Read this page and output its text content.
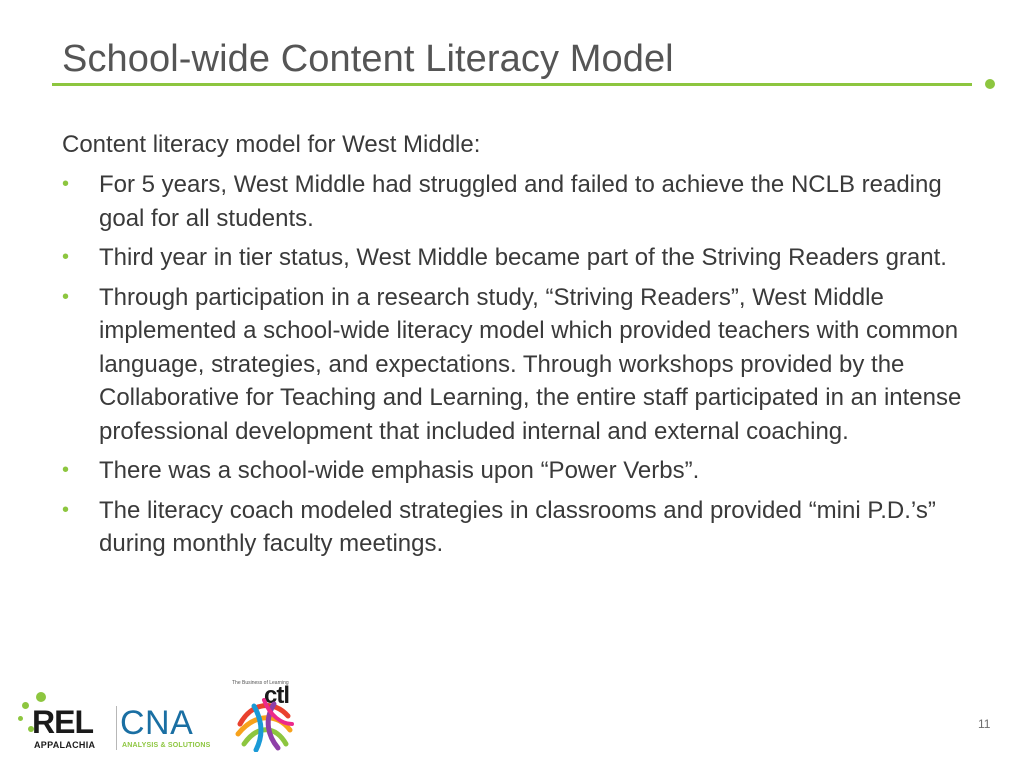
School-wide Content Literacy Model
Content literacy model for West Middle:
• For 5 years, West Middle had struggled and failed to achieve the NCLB reading goal for all students.
• Third year in tier status, West Middle became part of the Striving Readers grant.
• Through participation in a research study, “Striving Readers”, West Middle implemented a school-wide literacy model which provided teachers with common language, strategies, and expectations. Through workshops provided by the Collaborative for Teaching and Learning, the entire staff participated in an intense professional development that included internal and external coaching.
• There was a school-wide emphasis upon “Power Verbs”.
• The literacy coach modeled strategies in classrooms and provided “mini P.D.’s” during monthly faculty meetings.
REL
APPALACHIA
CNA
ANALYSIS & SOLUTIONS
The Business of Learning
ctl
11
